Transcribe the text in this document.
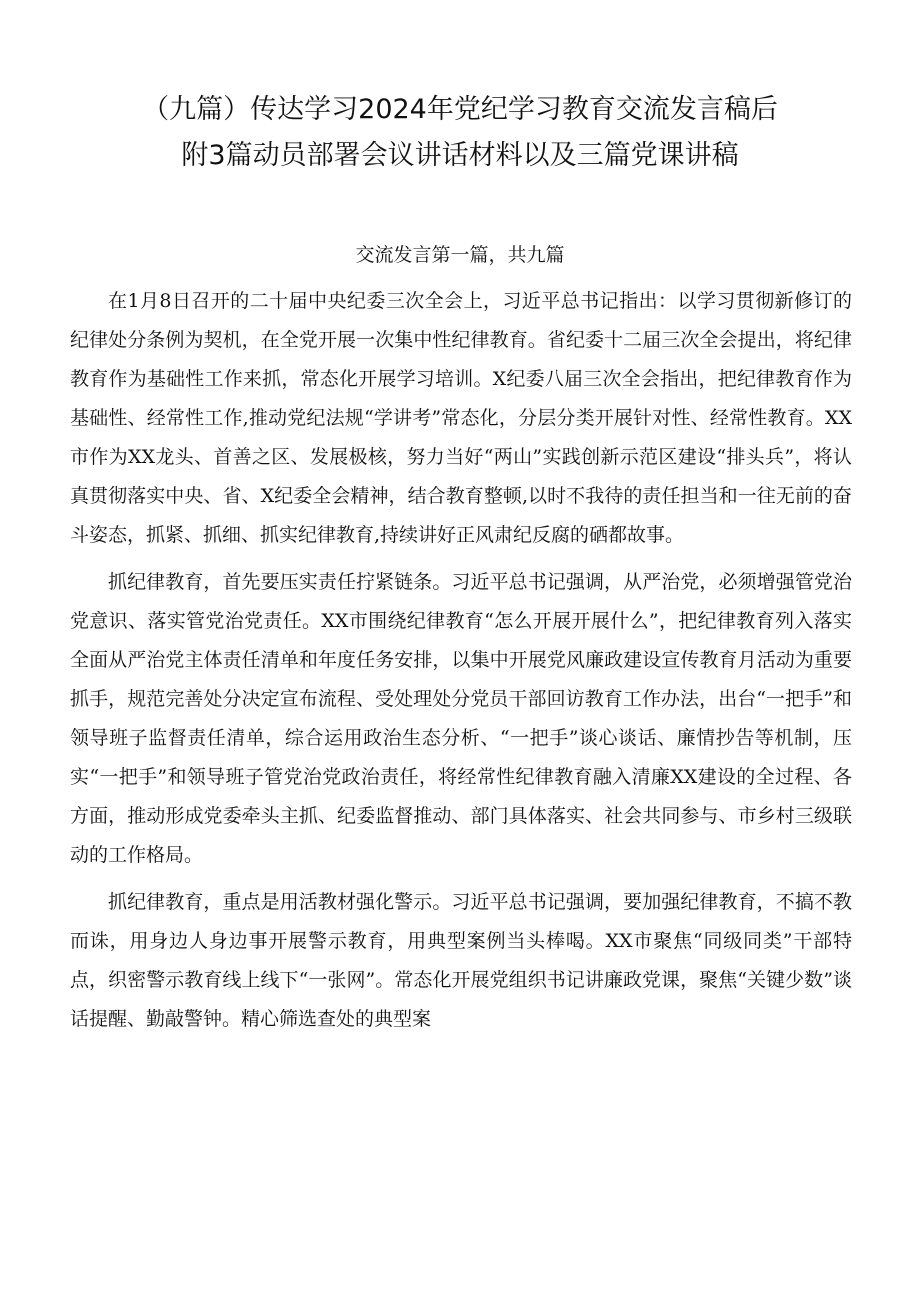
（九篇）传达学习2024年党纪学习教育交流发言稿后
附3篇动员部署会议讲话材料以及三篇党课讲稿
交流发言第一篇，共九篇

在1月8日召开的二十届中央纪委三次全会上，习近平总书记指出：以学习贯彻新修订的纪律处分条例为契机，在全党开展一次集中性纪律教育。省纪委十二届三次全会提出，将纪律教育作为基础性工作来抓，常态化开展学习培训。X纪委八届三次全会指出，把纪律教育作为基础性、经常性工作,推动党纪法规“学讲考”常态化，分层分类开展针对性、经常性教育。XX市作为XX龙头、首善之区、发展极核，努力当好“两山”实践创新示范区建设“排头兵”，将认真贯彻落实中央、省、X纪委全会精神，结合教育整顿,以时不我待的责任担当和一往无前的奋斗姿态，抓紧、抓细、抓实纪律教育,持续讲好正风肃纪反腐的硒都故事。

抓纪律教育，首先要压实责任拧紧链条。习近平总书记强调，从严治党，必须增强管党治党意识、落实管党治党责任。XX市围绕纪律教育“怎么开展开展什么”，把纪律教育列入落实全面从严治党主体责任清单和年度任务安排，以集中开展党风廉政建设宣传教育月活动为重要抓手，规范完善处分决定宣布流程、受处理处分党员干部回访教育工作办法，出台“一把手”和领导班子监督责任清单，综合运用政治生态分析、“一把手”谈心谈话、廉情抄告等机制，压实“一把手”和领导班子管党治党政治责任，将经常性纪律教育融入清廉XX建设的全过程、各方面，推动形成党委牵头主抓、纪委监督推动、部门具体落实、社会共同参与、市乡村三级联动的工作格局。

抓纪律教育，重点是用活教材强化警示。习近平总书记强调，要加强纪律教育，不搞不教而诛，用身边人身边事开展警示教育，用典型案例当头棒喝。XX市聚焦“同级同类”干部特点，织密警示教育线上线下“一张网”。常态化开展党组织书记讲廉政党课，聚焦“关键少数”谈话提醒、勤敲警钟。精心筛选查处的典型案
